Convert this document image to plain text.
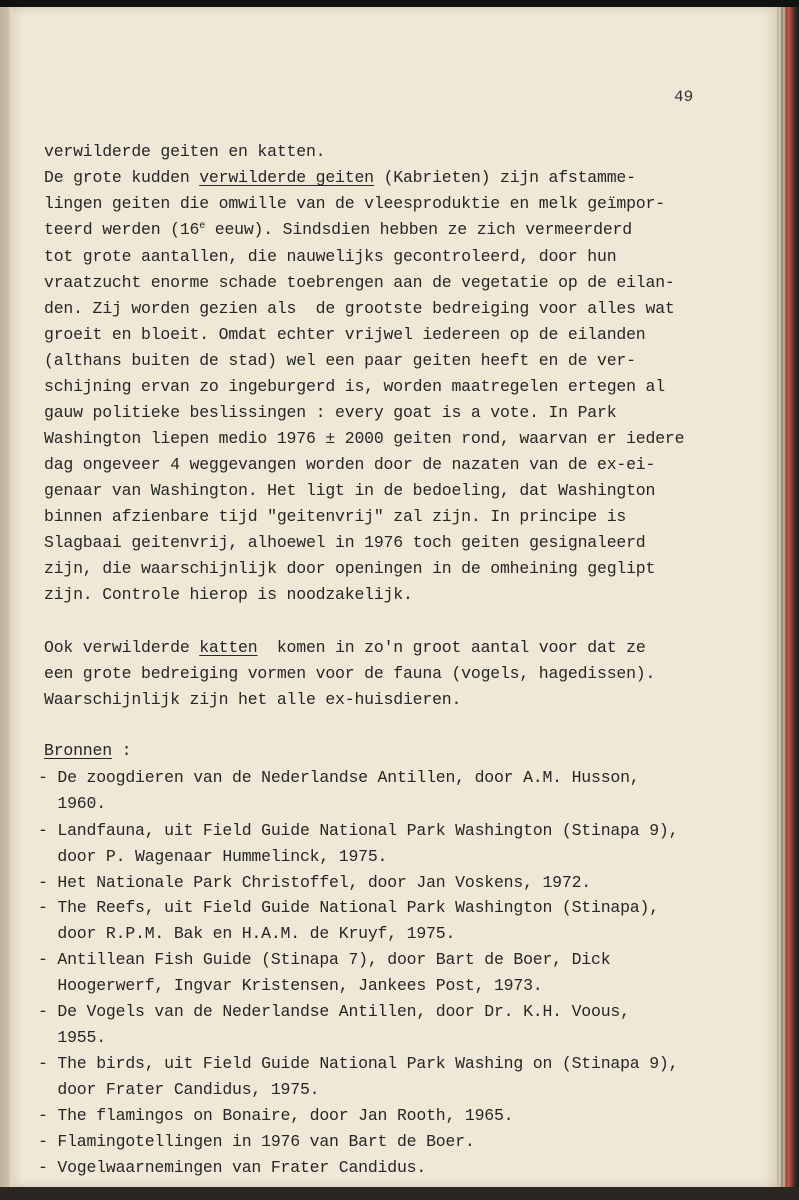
49
verwilderde geiten en katten.
De grote kudden verwilderde geiten (Kabrieten) zijn afstamme-
lingen geiten die omwille van de vleesproduktie en melk geïmpor-
teerd werden (16e eeuw). Sindsdien hebben ze zich vermeerderd
tot grote aantallen, die nauwelijks gecontroleerd, door hun
vraatzucht enorme schade toebrengen aan de vegetatie op de eilan-
den. Zij worden gezien als  de grootste bedreiging voor alles wat
groeit en bloeit. Omdat echter vrijwel iedereen op de eilanden
(althans buiten de stad) wel een paar geiten heeft en de ver-
schijning ervan zo ingeburgerd is, worden maatregelen ertegen al
gauw politieke beslissingen : every goat is a vote. In Park
Washington liepen medio 1976 ± 2000 geiten rond, waarvan er iedere
dag ongeveer 4 weggevangen worden door de nazaten van de ex-ei-
genaar van Washington. Het ligt in de bedoeling, dat Washington
binnen afzienbare tijd "geitenvrij" zal zijn. In principe is
Slagbaai geitenvrij, alhoewel in 1976 toch geiten gesignaleerd
zijn, die waarschijnlijk door openingen in de omheining geglipt
zijn. Controle hierop is noodzakelijk.
Ook verwilderde katten  komen in zo'n groot aantal voor dat ze
een grote bedreiging vormen voor de fauna (vogels, hagedissen).
Waarschijnlijk zijn het alle ex-huisdieren.
Bronnen :
- De zoogdieren van de Nederlandse Antillen, door A.M. Husson,
1960.
- Landfauna, uit Field Guide National Park Washington (Stinapa 9),
door P. Wagenaar Hummelinck, 1975.
- Het Nationale Park Christoffel, door Jan Voskens, 1972.
- The Reefs, uit Field Guide National Park Washington (Stinapa),
door R.P.M. Bak en H.A.M. de Kruyf, 1975.
- Antillean Fish Guide (Stinapa 7), door Bart de Boer, Dick
Hoogerwerf, Ingvar Kristensen, Jankees Post, 1973.
- De Vogels van de Nederlandse Antillen, door Dr. K.H. Voous,
1955.
- The birds, uit Field Guide National Park Washing on (Stinapa 9),
door Frater Candidus, 1975.
- The flamingos on Bonaire, door Jan Rooth, 1965.
- Flamingotellingen in 1976 van Bart de Boer.
- Vogelwaarnemingen van Frater Candidus.
